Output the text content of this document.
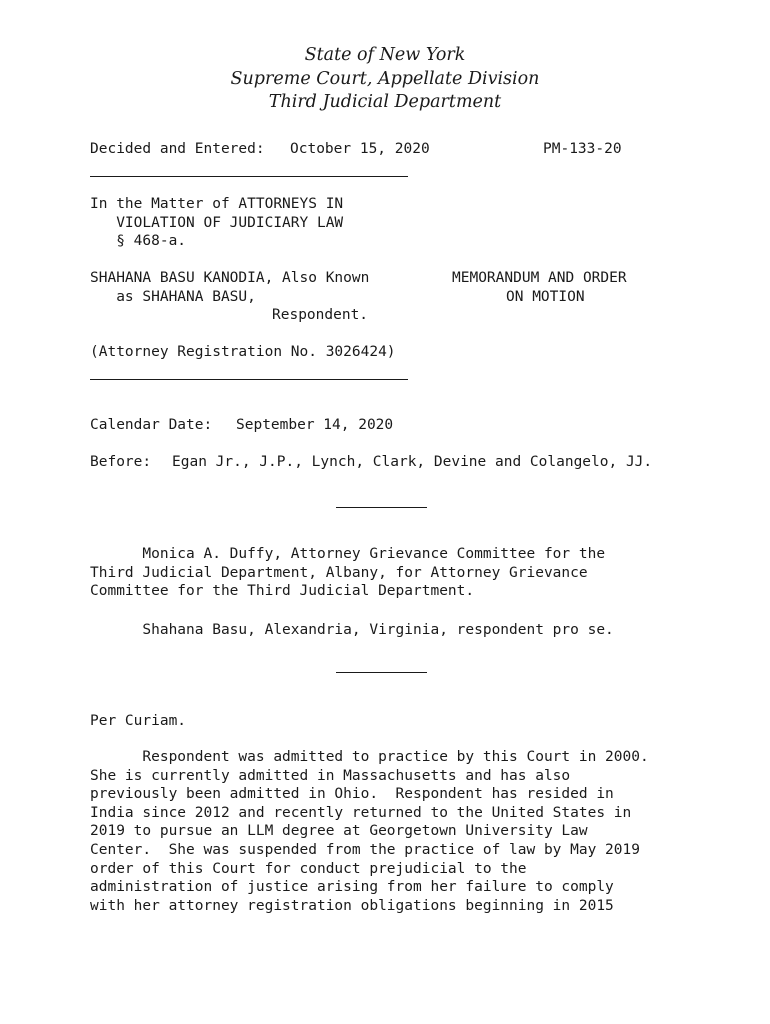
State of New York
Supreme Court, Appellate Division
Third Judicial Department
Decided and Entered: October 15, 2020	PM-133-20
In the Matter of ATTORNEYS IN
VIOLATION OF JUDICIARY LAW
§ 468-a.
SHAHANA BASU KANODIA, Also Known
as SHAHANA BASU,
Respondent.
MEMORANDUM AND ORDER
ON MOTION
(Attorney Registration No. 3026424)
Calendar Date: September 14, 2020
Before: Egan Jr., J.P., Lynch, Clark, Devine and Colangelo, JJ.
Monica A. Duffy, Attorney Grievance Committee for the
Third Judicial Department, Albany, for Attorney Grievance
Committee for the Third Judicial Department.
Shahana Basu, Alexandria, Virginia, respondent pro se.
Per Curiam.
Respondent was admitted to practice by this Court in 2000.
She is currently admitted in Massachusetts and has also
previously been admitted in Ohio.  Respondent has resided in
India since 2012 and recently returned to the United States in
2019 to pursue an LLM degree at Georgetown University Law
Center.  She was suspended from the practice of law by May 2019
order of this Court for conduct prejudicial to the
administration of justice arising from her failure to comply
with her attorney registration obligations beginning in 2015
